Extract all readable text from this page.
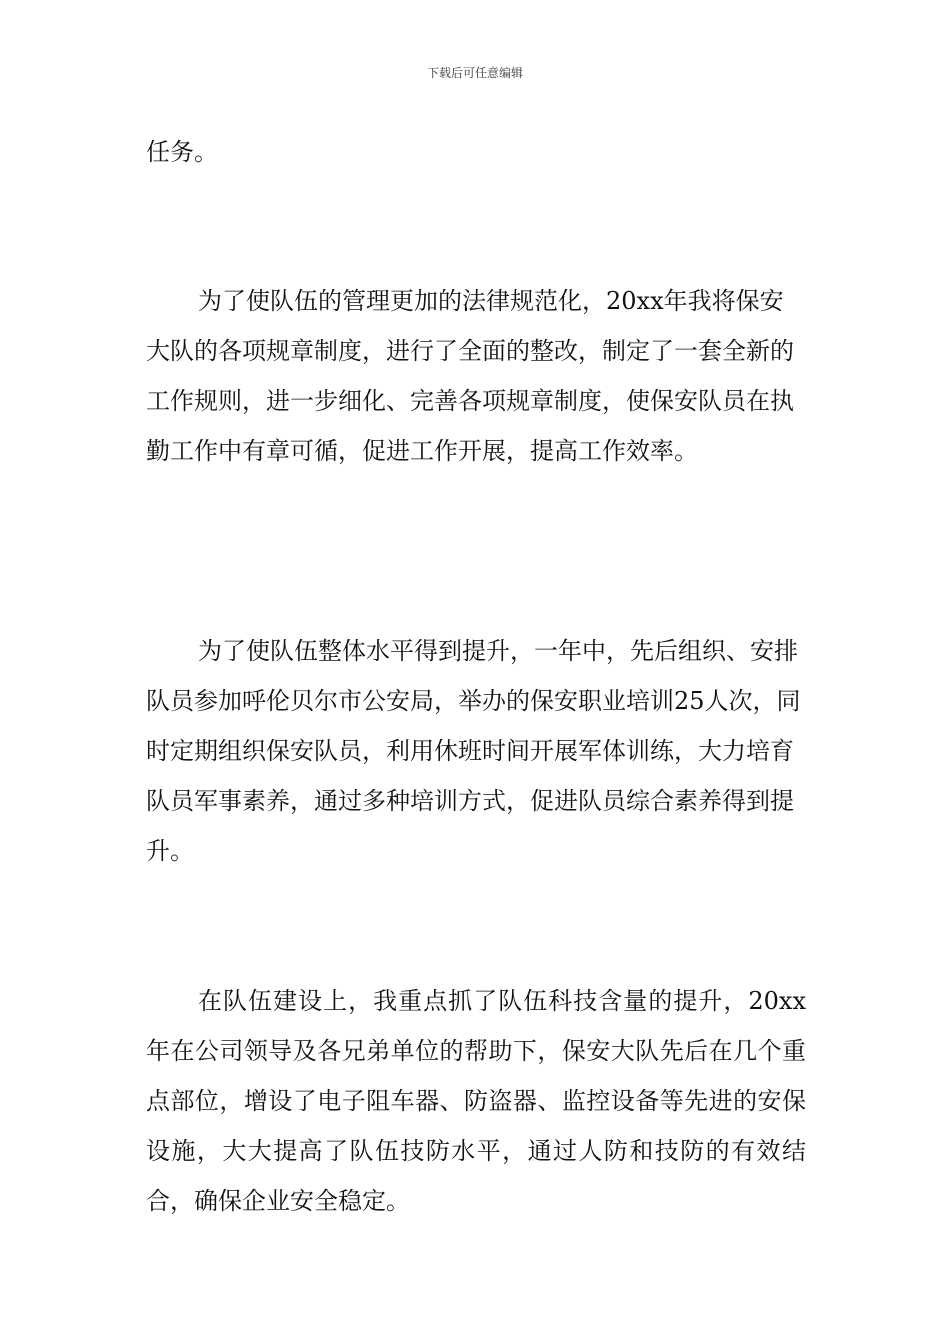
下载后可任意编辑

任务。

为了使队伍的管理更加的法律规范化，20xx年我将保安大队的各项规章制度，进行了全面的整改，制定了一套全新的工作规则，进一步细化、完善各项规章制度，使保安队员在执勤工作中有章可循，促进工作开展，提高工作效率。

为了使队伍整体水平得到提升，一年中，先后组织、安排队员参加呼伦贝尔市公安局，举办的保安职业培训25人次，同时定期组织保安队员，利用休班时间开展军体训练，大力培育队员军事素养，通过多种培训方式，促进队员综合素养得到提升。

在队伍建设上，我重点抓了队伍科技含量的提升，20xx年在公司领导及各兄弟单位的帮助下，保安大队先后在几个重点部位，增设了电子阻车器、防盗器、监控设备等先进的安保设施，大大提高了队伍技防水平，通过人防和技防的有效结合，确保企业安全稳定。
